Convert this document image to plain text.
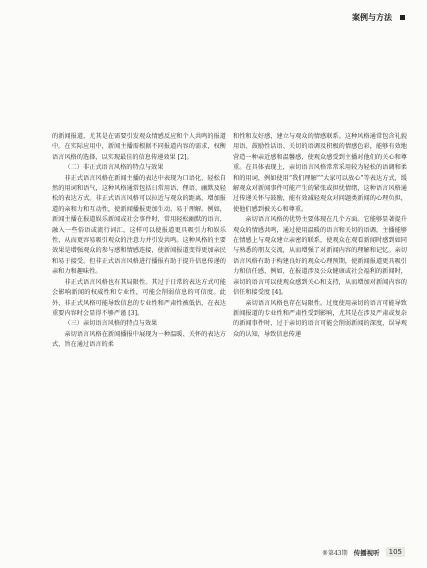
案例与方法

的新闻报道，尤其是在需要引发观众情感反应和个人共鸣的报道中。在实际应用中，新闻主播需根据不同报道内容的需求，权衡语言风格的选择，以实现最佳的信息传递效果 [2]。

（二）非正式语言风格的特点与效果

非正式语言风格在新闻主播的表达中表现为口语化、轻松自然的用词和语气，这种风格通常包括日常用语、俚语、幽默及轻松的表达方式。非正式语言风格可以拉近与观众的距离，增加报道的亲和力和互动性，使新闻播报更加生动、易于理解。例如，新闻主播在报道娱乐新闻或社会事件时，常用轻松幽默的语言，融入一些俗语或流行词汇，这样可以使报道更具吸引力和娱乐性，从而更容易吸引观众的注意力并引发共鸣。这种风格的主要效果是增强观众的参与感和情感连接，使新闻报道变得更加亲民和易于接受。但非正式语言风格进行播报有助于提升信息传递的亲和力和趣味性。

非正式语言风格也有其局限性。其过于日常的表达方式可能会影响新闻的权威性和专业性，可能会削弱信息的可信度。此外，非正式风格可能导致信息的专业性和严肃性被低估，在表达重要内容时会显得不够严谨 [3]。

（三）亲切语言风格的特点与效果

亲切语言风格在新闻播报中展现为一种温暖、关怀的表达方式，旨在通过语言的柔

和性和友好感，建立与观众的情感联系。这种风格通常包含礼貌用语、鼓励性话语、关切的语调及积极的情感色彩，能够有效地营造一种亲近感和温馨感，使观众感受到主播对他们的关心和尊重。在具体表现上，亲切语言风格常常采用较为轻松的语调和柔和的用词，例如使用“我们理解”“大家可以放心”等表达方式，缓解观众对新闻事件可能产生的紧张或担忧情绪，这种语言风格通过传递关怀与鼓励，能有效减轻观众对问题类新闻的心理负担，使他们感到被关心和尊重。

亲切语言风格的优势主要体现在几个方面。它能够显著提升观众的情感共鸣，通过使用温暖的语言和关切的语调，主播能够在情感上与观众建立亲密的联系，使观众在观看新闻时感到如同与熟悉的朋友交流，从而增强了对新闻内容的理解和记忆。亲切语言风格有助于构建良好的观众心理预期，使新闻报道更具吸引力和信任感，例如，在报道涉及公众健康或社会福利的新闻时，亲切的语言可以使观众感到关心和支持，从而增加对新闻内容的信任和接受度 [4]。

亲切语言风格也存在局限性。过度使用亲切的语言可能导致新闻报道的专业性和严肃性受到影响，尤其是在涉及严肃或复杂的新闻事件时，过于亲切的语言可能会削弱新闻的深度，误导观众的认知，导致信息传递

®第43期 传播视听	105
